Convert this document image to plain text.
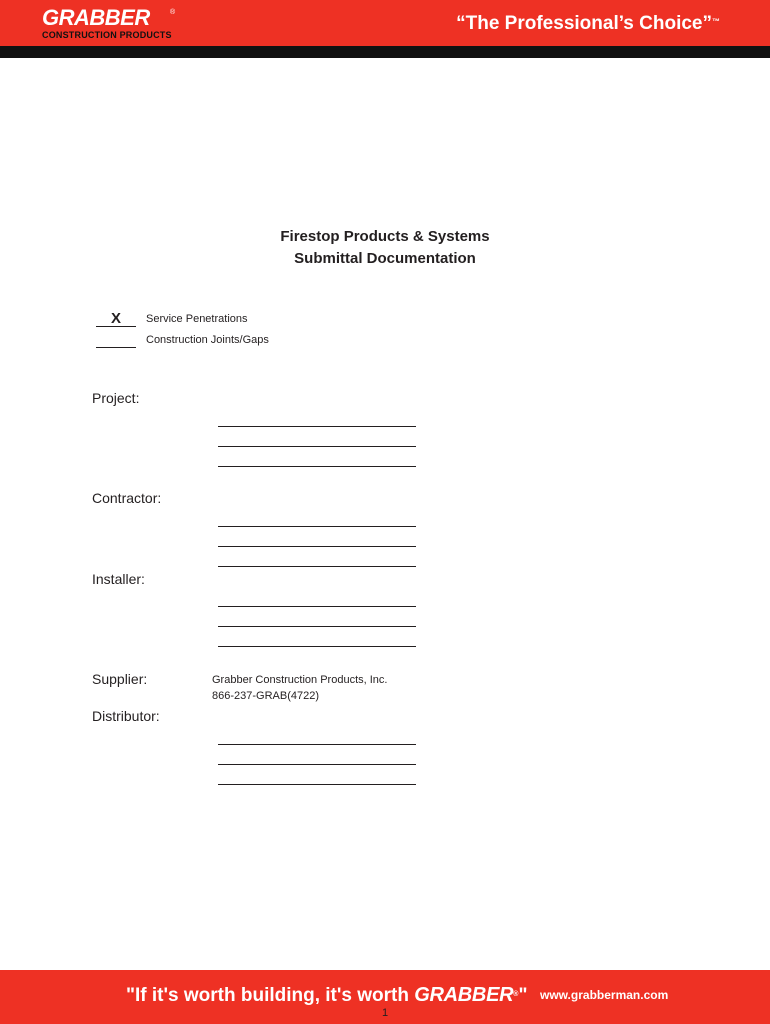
GRABBER	®
CONSTRUCTION PRODUCTS
“The Professional’s Choice”™
Firestop Products & Systems
Submittal Documentation
X	Service Penetrations
Construction Joints/Gaps
Project:
Contractor:
Installer:
Supplier:	Grabber Construction Products, Inc.
866-237-GRAB(4722)
Distributor:
"If it's worth building, it's worth GRABBER®" www.grabberman.com
1
